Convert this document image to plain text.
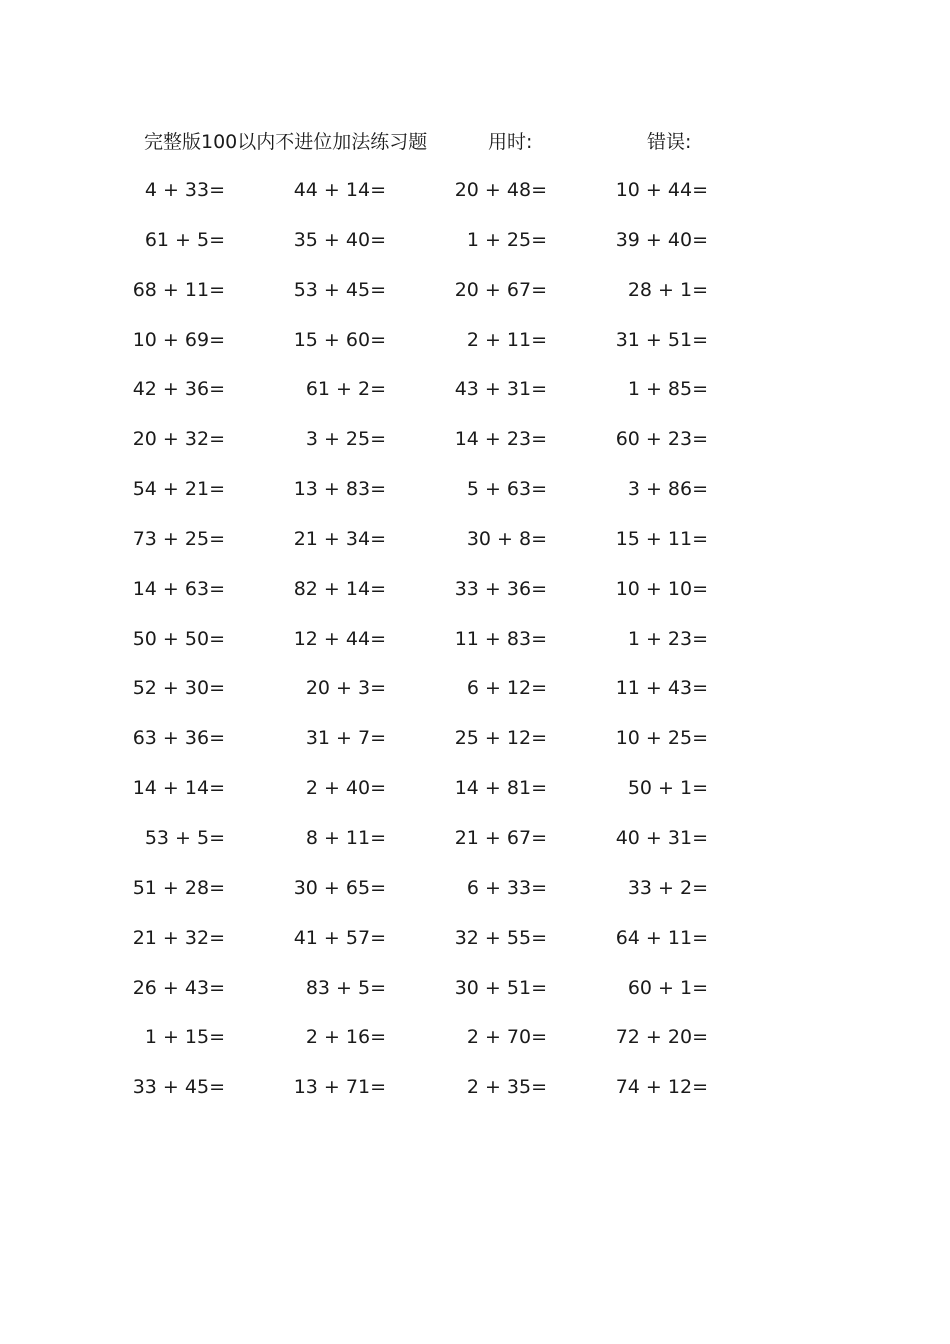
完整版100以内不进位加法练习题	用时:	错误:
4 + 33=	44 + 14=	20 + 48=	10 + 44=
61 + 5=	35 + 40=	1 + 25=	39 + 40=
68 + 11=	53 + 45=	20 + 67=	28 + 1=
10 + 69=	15 + 60=	2 + 11=	31 + 51=
42 + 36=	61 + 2=	43 + 31=	1 + 85=
20 + 32=	3 + 25=	14 + 23=	60 + 23=
54 + 21=	13 + 83=	5 + 63=	3 + 86=
73 + 25=	21 + 34=	30 + 8=	15 + 11=
14 + 63=	82 + 14=	33 + 36=	10 + 10=
50 + 50=	12 + 44=	11 + 83=	1 + 23=
52 + 30=	20 + 3=	6 + 12=	11 + 43=
63 + 36=	31 + 7=	25 + 12=	10 + 25=
14 + 14=	2 + 40=	14 + 81=	50 + 1=
53 + 5=	8 + 11=	21 + 67=	40 + 31=
51 + 28=	30 + 65=	6 + 33=	33 + 2=
21 + 32=	41 + 57=	32 + 55=	64 + 11=
26 + 43=	83 + 5=	30 + 51=	60 + 1=
1 + 15=	2 + 16=	2 + 70=	72 + 20=
33 + 45=	13 + 71=	2 + 35=	74 + 12=
